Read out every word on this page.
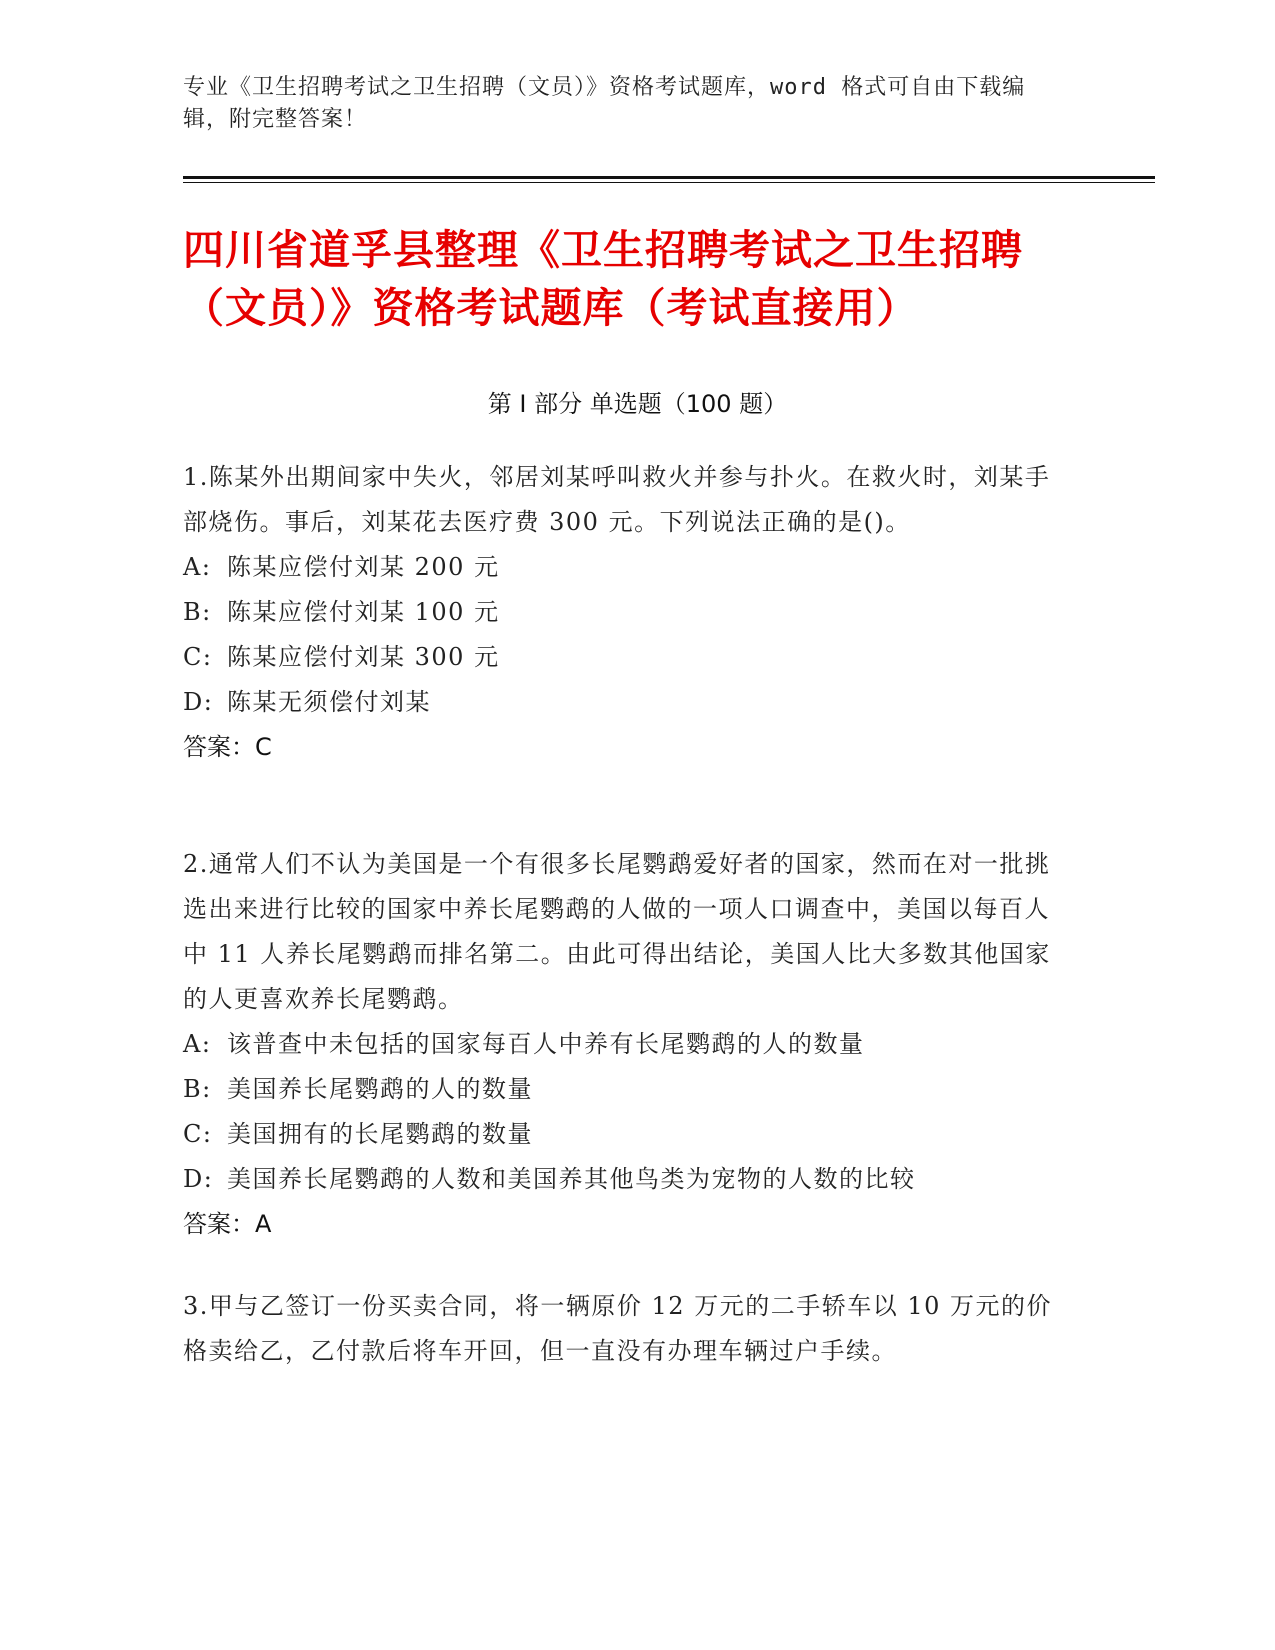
专业《卫生招聘考试之卫生招聘（文员）》资格考试题库，word 格式可自由下载编辑，附完整答案！
四川省道孚县整理《卫生招聘考试之卫生招聘（文员）》资格考试题库（考试直接用）
第 I 部分 单选题（100 题）

1.陈某外出期间家中失火，邻居刘某呼叫救火并参与扑火。在救火时，刘某手部烧伤。事后，刘某花去医疗费 300 元。下列说法正确的是()。

A: 陈某应偿付刘某 200 元

B: 陈某应偿付刘某 100 元

C: 陈某应偿付刘某 300 元

D: 陈某无须偿付刘某

答案：C

2.通常人们不认为美国是一个有很多长尾鹦鹉爱好者的国家，然而在对一批挑选出来进行比较的国家中养长尾鹦鹉的人做的一项人口调查中，美国以每百人中 11 人养长尾鹦鹉而排名第二。由此可得出结论，美国人比大多数其他国家的人更喜欢养长尾鹦鹉。

A: 该普查中未包括的国家每百人中养有长尾鹦鹉的人的数量

B: 美国养长尾鹦鹉的人的数量

C: 美国拥有的长尾鹦鹉的数量

D: 美国养长尾鹦鹉的人数和美国养其他鸟类为宠物的人数的比较

答案：A

3.甲与乙签订一份买卖合同，将一辆原价 12 万元的二手轿车以 10 万元的价格卖给乙，乙付款后将车开回，但一直没有办理车辆过户手续。
